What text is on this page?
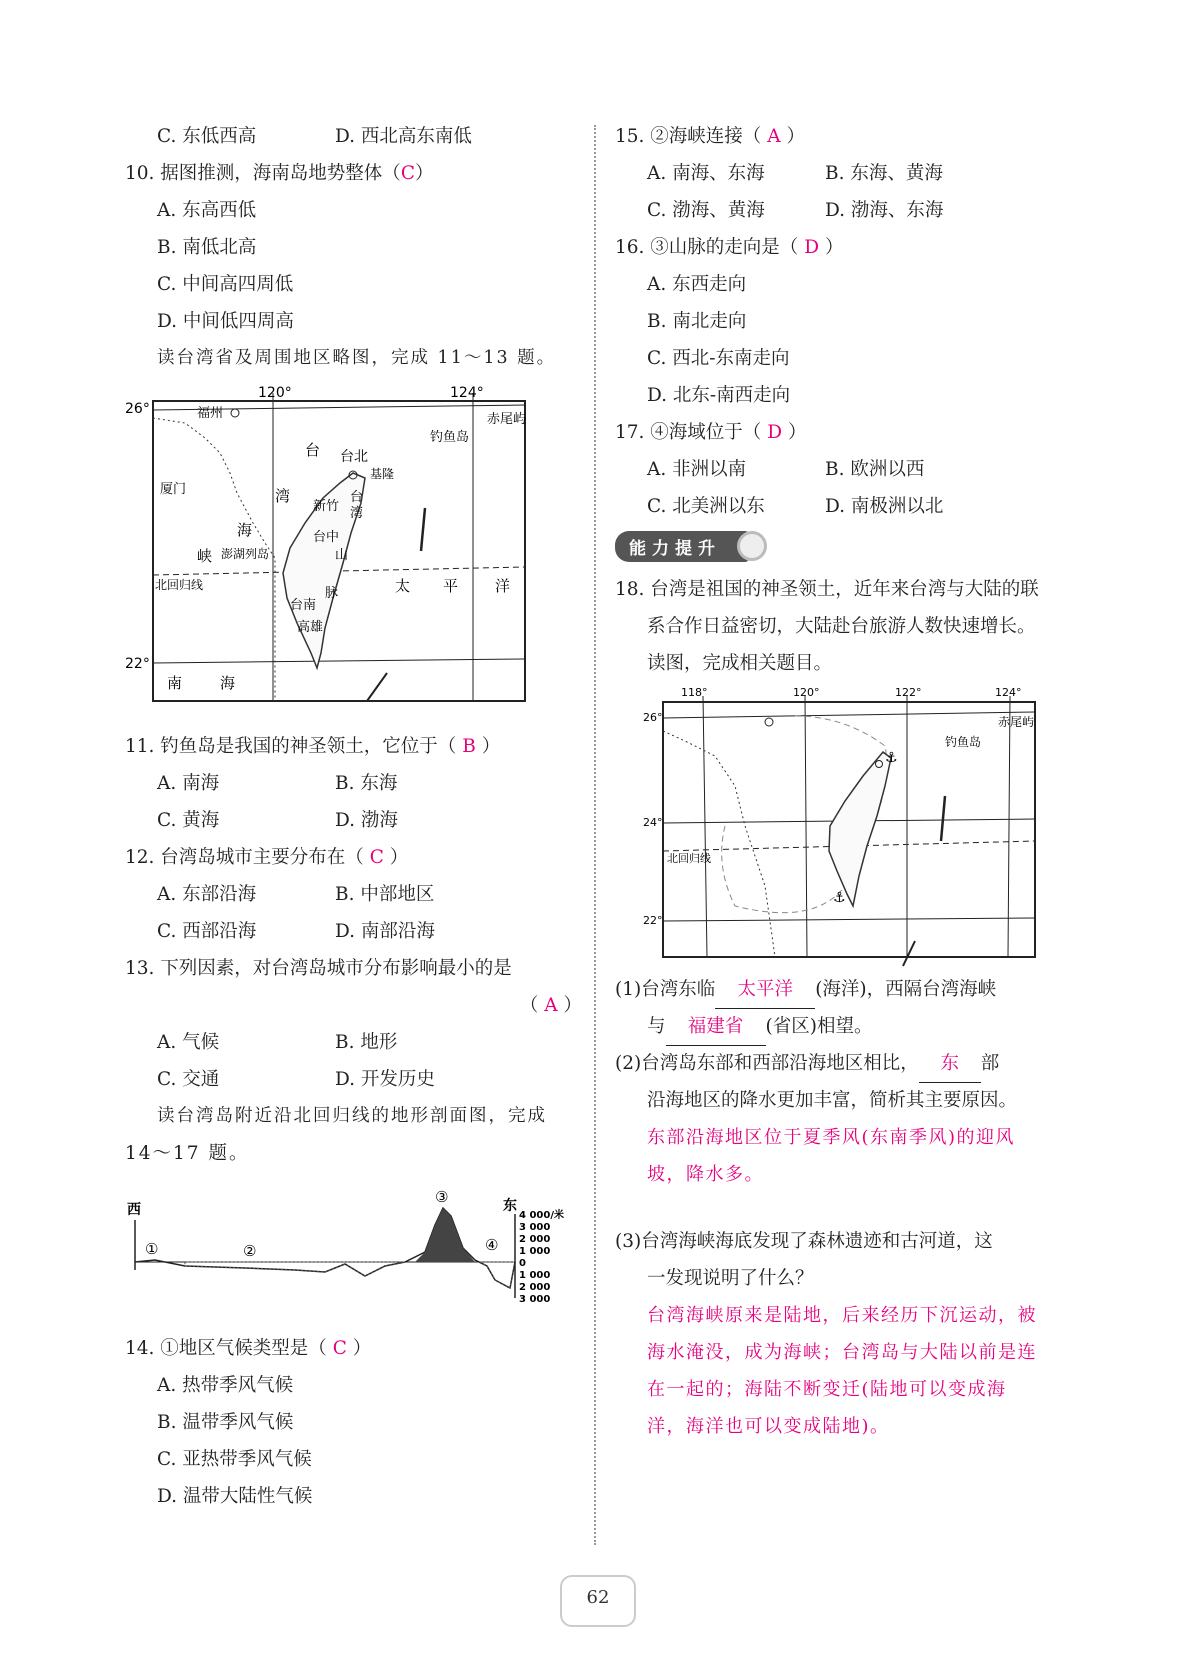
C. 东低西高	D. 西北高东南低
10. 据图推测，海南岛地势整体（C）
A. 东高西低
B. 南低北高
C. 中间高四周低
D. 中间低四周高
读台湾省及周围地区略图，完成 11～13 题。
120°	124°
26°
22°
福州	赤尾屿
钓鱼岛
台北
基隆
厦门
新竹
台中
台南
高雄
澎湖列岛
北回归线
台
湾
海
峡
台
湾
山
脉	太 平 洋
南	海
11. 钓鱼岛是我国的神圣领土，它位于（ B ）
A. 南海	B. 东海
C. 黄海	D. 渤海
12. 台湾岛城市主要分布在（ C ）
A. 东部沿海	B. 中部地区
C. 西部沿海	D. 南部沿海
13. 下列因素，对台湾岛城市分布影响最小的是
（ A ）
A. 气候	B. 地形
C. 交通	D. 开发历史
读台湾岛附近沿北回归线的地形剖面图，完成
14～17 题。
西	东
①	②
③
④
4 000/米
3 000
2 000
1 000
0
1 000
2 000
3 000
14. ①地区气候类型是（ C ）
A. 热带季风气候
B. 温带季风气候
C. 亚热带季风气候
D. 温带大陆性气候
15. ②海峡连接（ A ）
A. 南海、东海	B. 东海、黄海
C. 渤海、黄海	D. 渤海、东海
16. ③山脉的走向是（ D ）
A. 东西走向
B. 南北走向
C. 西北-东南走向
D. 北东-南西走向
17. ④海域位于（ D ）
A. 非洲以南	B. 欧洲以西
C. 北美洲以东	D. 南极洲以北
能力提升
18. 台湾是祖国的神圣领土，近年来台湾与大陆的联
系合作日益密切，大陆赴台旅游人数快速增长。
读图，完成相关题目。
118°	120°	122°	124°
26°
24°
22°
赤尾屿
钓鱼岛
北回归线
⚓
⚓
(1)台湾东临 太平洋 (海洋)，西隔台湾海峡
与 福建省 (省区)相望。
(2)台湾岛东部和西部沿海地区相比， 东 部
沿海地区的降水更加丰富，简析其主要原因。
东部沿海地区位于夏季风(东南季风)的迎风
坡，降水多。
(3)台湾海峡海底发现了森林遗迹和古河道，这
一发现说明了什么？
台湾海峡原来是陆地，后来经历下沉运动，被
海水淹没，成为海峡；台湾岛与大陆以前是连
在一起的；海陆不断变迁(陆地可以变成海
洋，海洋也可以变成陆地)。
62
